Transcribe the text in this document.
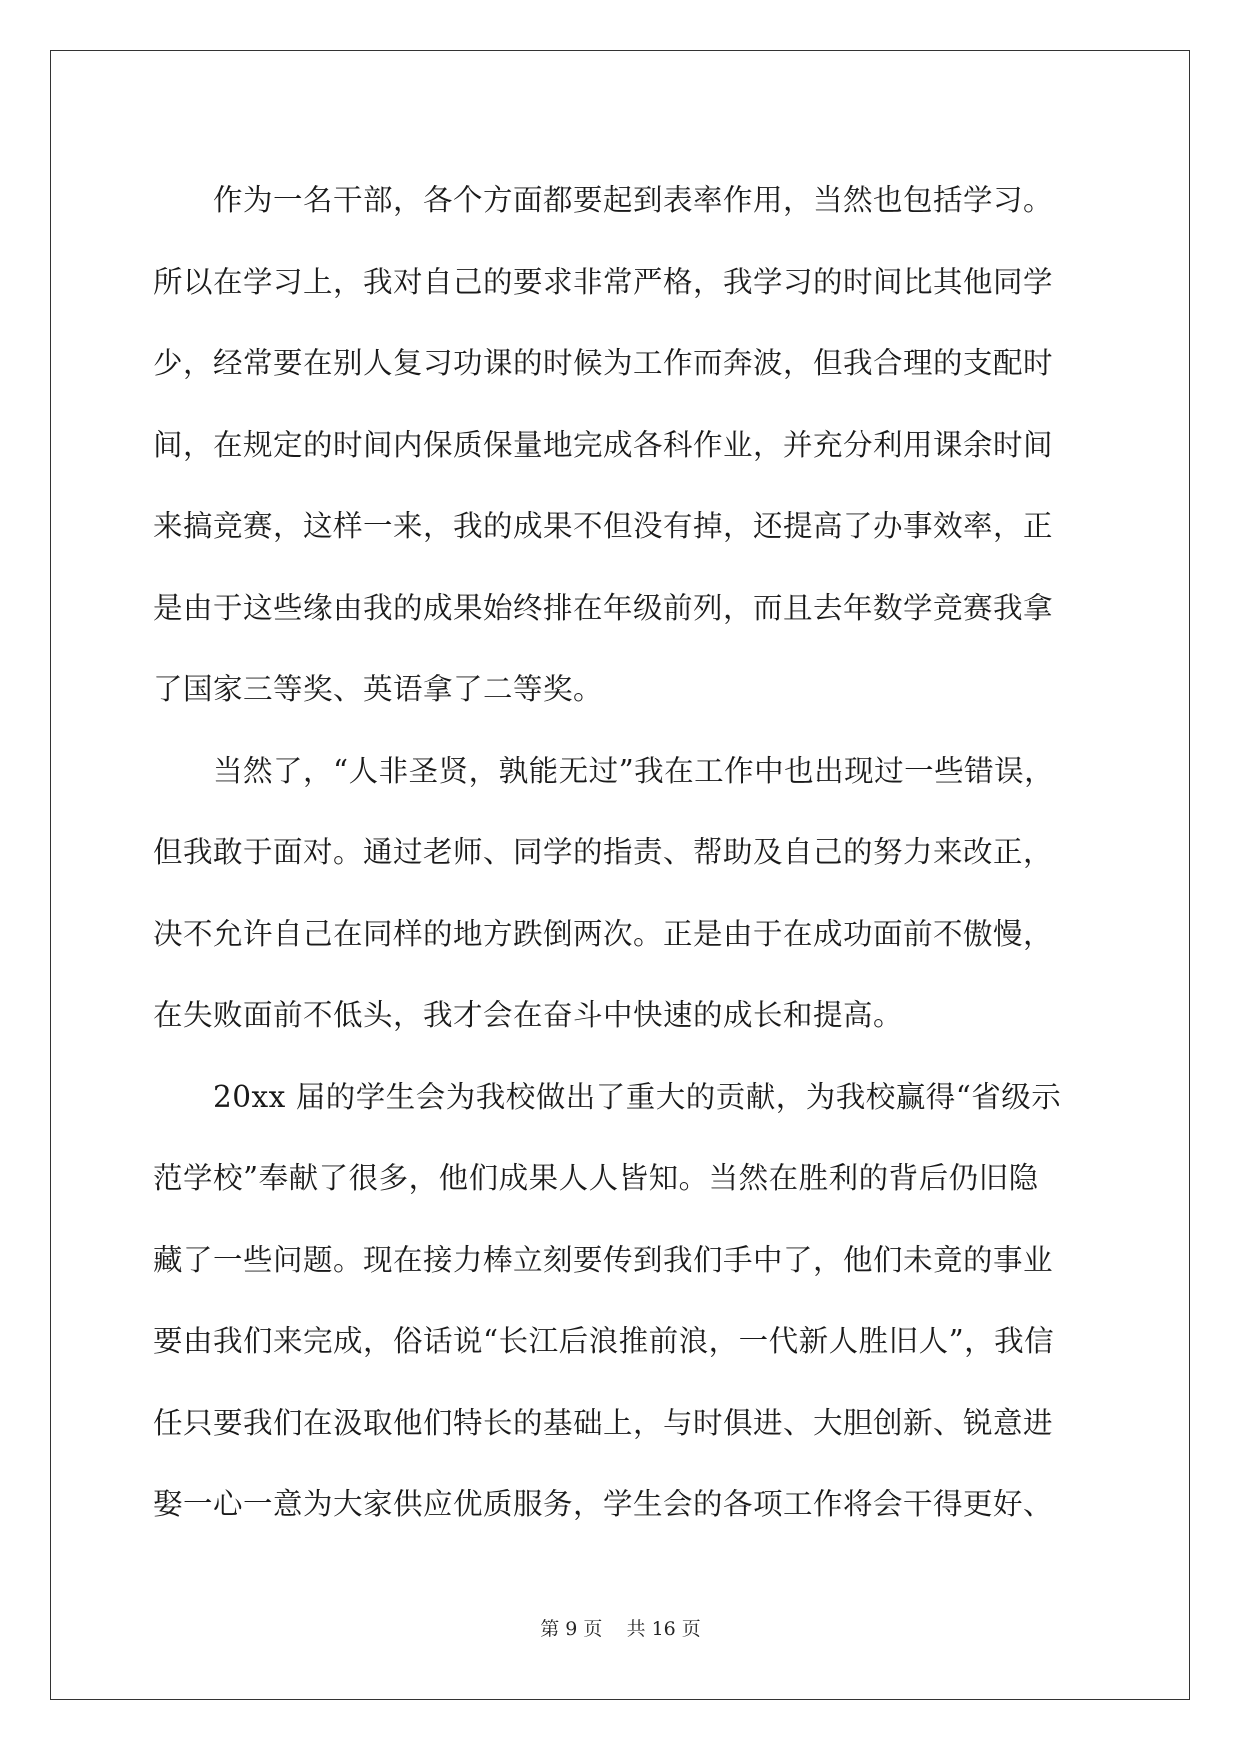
　　作为一名干部，各个方面都要起到表率作用，当然也包括学习。

所以在学习上，我对自己的要求非常严格，我学习的时间比其他同学

少，经常要在别人复习功课的时候为工作而奔波，但我合理的支配时

间，在规定的时间内保质保量地完成各科作业，并充分利用课余时间

来搞竞赛，这样一来，我的成果不但没有掉，还提高了办事效率，正

是由于这些缘由我的成果始终排在年级前列，而且去年数学竞赛我拿

了国家三等奖、英语拿了二等奖。

　　当然了，“人非圣贤，孰能无过”我在工作中也出现过一些错误，

但我敢于面对。通过老师、同学的指责、帮助及自己的努力来改正，

决不允许自己在同样的地方跌倒两次。正是由于在成功面前不傲慢，

在失败面前不低头，我才会在奋斗中快速的成长和提高。

　　20xx 届的学生会为我校做出了重大的贡献，为我校赢得“省级示

范学校”奉献了很多，他们成果人人皆知。当然在胜利的背后仍旧隐

藏了一些问题。现在接力棒立刻要传到我们手中了，他们未竟的事业

要由我们来完成，俗话说“长江后浪推前浪，一代新人胜旧人”，我信

任只要我们在汲取他们特长的基础上，与时俱进、大胆创新、锐意进

娶一心一意为大家供应优质服务，学生会的各项工作将会干得更好、

第 9 页 共 16 页
